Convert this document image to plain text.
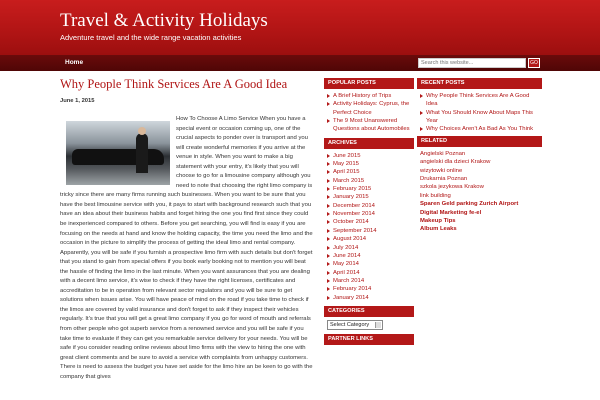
Travel & Activity Holidays
Adventure travel and the wide range vacation activities
Home
Search this website...	GO
Why People Think Services Are A Good Idea
June 1, 2015
How To Choose A Limo Service When you have a special event or occasion coming up, one of the crucial aspects to ponder over is transport and you will create wonderful memories if you arrive at the venue in style. When you want to make a big statement with your entry, it's likely that you will choose to go for a limousine company although you need to note that choosing the right limo company is tricky since there are many firms running such businesses. When you want to be sure that you have the best limousine service with you, it pays to start with background research such that you have an idea about their business habits and forget hiring the one you find first since they could be inexperienced compared to others. Before you get searching, you will find is easy if you are focusing on the needs at hand and know the holding capacity, the time you need the limo and the occasion in the picture to simplify the process of getting the ideal limo and rental company. Apparently, you will be safe if you furnish a prospective limo firm with such details but don't forget that you stand to gain from special offers if you book early booking not to mention you will beat the hassle of finding the limo in the last minute. When you want assurances that you are dealing with a decent limo service, it's wise to check if they have the right licenses, certificates and accreditation to be in operation from relevant sector regulators and you will be sure to get solutions when issues arise. You will have peace of mind on the road if you take time to check if the limos are covered by valid insurance and don't forget to ask if they inspect their vehicles regularly. It's true that you will get a great limo company if you go for word of mouth and referrals from other people who got superb service from a renowned service and you will be safe if you take time to evaluate if they can get you remarkable service delivery for your needs. You will be safe if you consider reading online reviews about limo firms with the view to hiring the one with great client comments and be sure to avoid a service with complaints from unhappy customers. There is need to assess the budget you have set aside for the limo hire an be keen to go with the company that gives
POPULAR POSTS
A Brief History of Trips
Activity Holidays: Cyprus, the Perfect Choice
The 9 Most Unanswered Questions about Automobiles
ARCHIVES
June 2015
May 2015
April 2015
March 2015
February 2015
January 2015
December 2014
November 2014
October 2014
September 2014
August 2014
July 2014
June 2014
May 2014
April 2014
March 2014
February 2014
January 2014
CATEGORIES
Select Category
PARTNER LINKS
RECENT POSTS
Why People Think Services Are A Good Idea
What You Should Know About Maps This Year
Why Choices Aren't As Bad As You Think
RELATED
Angielski Poznan
angielski dla dzieci Krakow
wizytowki online
Drukarnia Poznan
szkola jezykowa Krakow
link building
Sparen Geld parking Zurich Airport
Digital Marketing fe-el
Makeup Tips
Album Leaks
